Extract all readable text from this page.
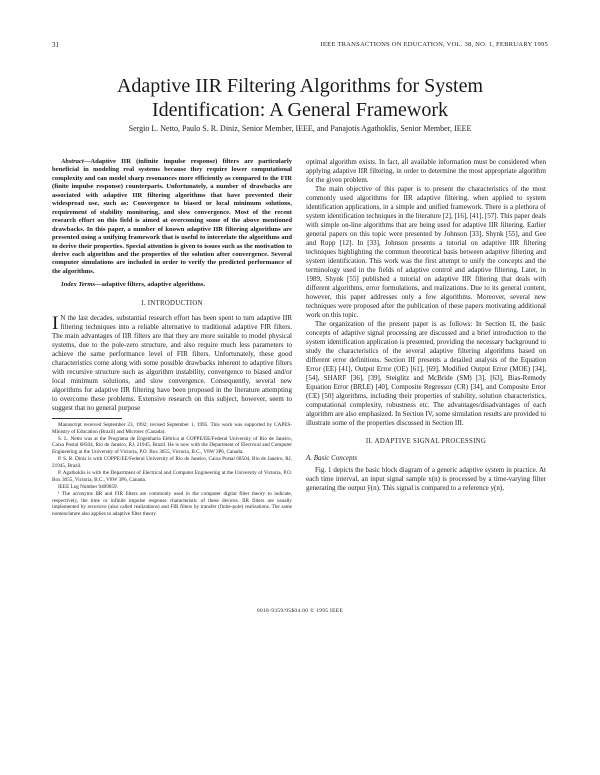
31	IEEE TRANSACTIONS ON EDUCATION, VOL. 38, NO. 1, FEBRUARY 1995
Adaptive IIR Filtering Algorithms for System Identification: A General Framework
Sergio L. Netto, Paulo S. R. Diniz, Senior Member, IEEE, and Panajotis Agathoklis, Senior Member, IEEE

Abstract—Adaptive IIR (infinite impulse response) filters are particularly beneficial in modeling real systems because they require lower computational complexity and can model sharp resonances more efficiently as compared to the FIR (finite impulse response) counterparts. Unfortunately, a number of drawbacks are associated with adaptive IIR filtering algorithms that have prevented their widespread use, such as: Convergence to biased or local minimum solutions, requirement of stability monitoring, and slow convergence. Most of the recent research effort on this field is aimed at overcoming some of the above mentioned drawbacks. In this paper, a number of known adaptive IIR filtering algorithms are presented using a unifying framework that is useful to interrelate the algorithms and to derive their properties. Special attention is given to issues such as the motivation to derive each algorithm and the properties of the solution after convergence. Several computer simulations are included in order to verify the predicted performance of the algorithms.

Index Terms—adaptive filters, adaptive algorithms.

I. INTRODUCTION

I N the last decades, substantial research effort has been spent to turn adaptive IIR filtering techniques into a reliable alternative to traditional adaptive FIR filters. The main advantages of IIR filters are that they are more suitable to model physical systems, due to the pole-zero structure, and also require much less parameters to achieve the same performance level of FIR filters. Unfortunately, these good characteristics come along with some possible drawbacks inherent to adaptive filters with recursive structure such as algorithm instability, convergence to biased and/or local minimum solutions, and slow convergence. Consequently, several new algorithms for adaptive IIR filtering have been proposed in the literature attempting to overcome these problems. Extensive research on this subject, however, seem to suggest that no general purpose

Manuscript received September 23, 1992; revised September 1, 1995. This work was supported by CAPES-Ministry of Education (Brazil) and Microtec (Canada).

S. L. Netto was at the Programa de Engenharia Elétrica at COPPE/EE/Federal University of Rio de Janeiro, Caixa Postal 68504, Rio de Janeiro, RJ, 21945, Brazil. He is now with the Department of Electrical and Computer Engineering at the University of Victoria, P.O. Box 3055, Victoria, B.C., V8W 3P6, Canada.

P. S. R. Diniz is with COPPE/EE/Federal University of Rio de Janeiro, Caixa Postal 68504, Rio de Janeiro, RJ, 21945, Brazil.

P. Agathoklis is with the Department of Electrical and Computer Engineering at the University of Victoria, P.O. Box 3055, Victoria, B.C., V8W 3P6, Canada.

IEEE Log Number 9409859.

¹ The acronyms IIR and FIR filters are commonly used in the computer digital filter theory to indicate, respectively, the time or infinite impulse response characteristic of these devices. IIR filters are usually implemented by recursive (also called realizations) and FIR filters by transfer (finite-pole) realizations. The same nomenclature also applies to adaptive filter theory.

optimal algorithm exists. In fact, all available information must be considered when applying adaptive IIR filtering, in order to determine the most appropriate algorithm for the given problem.

The main objective of this paper is to present the characteristics of the most commonly used algorithms for IIR adaptive filtering, when applied to system identification applications, in a simple and unified framework. There is a plethora of system identification techniques in the literature [2], [16], [41], [57]. This paper deals with simple on-line algorithms that are being used for adaptive IIR filtering. Earlier general papers on this topic were presented by Johnson [33], Shynk [55], and Gee and Rupp [12]. In [33], Johnson presents a tutorial on adaptive IIR filtering techniques highlighting the common theoretical basis between adaptive filtering and system identification. This work was the first attempt to unify the concepts and the terminology used in the fields of adaptive control and adaptive filtering. Later, in 1989, Shynk [55] published a tutorial on adaptive IIR filtering that deals with different algorithms, error formulations, and realizations. Due to its general content, however, this paper addresses only a few algorithms. Moreover, several new techniques were proposed after the publication of these papers motivating additional work on this topic.

The organization of the present paper is as follows: In Section II, the basic concepts of adaptive signal processing are discussed and a brief introduction to the system identification application is presented, providing the necessary background to study the characteristics of the several adaptive filtering algorithms based on different error definitions. Section III presents a detailed analysis of the Equation Error (EE) [41], Output Error (OE) [61], [69], Modified Output Error (MOE) [34], [54], SHARF [36], [39], Steiglitz and McBride (SM) [3], [63], Bias-Remedy Equation Error (BRLE) [40], Composite Regressor (CR) [34], and Composite Error (CE) [50] algorithms, including their properties of stability, solution characteristics, computational complexity, robustness etc. The advantages/disadvantages of each algorithm are also emphasized. In Section IV, some simulation results are provided to illustrate some of the properties discussed in Section III.

II. ADAPTIVE SIGNAL PROCESSING
A. Basic Concepts

Fig. 1 depicts the basic block diagram of a generic adaptive system in practice. At each time interval, an input signal sample x(n) is processed by a time-varying filter generating the output ŷ(n). This signal is compared to a reference y(n),

0018-9359/95$04.00 © 1995 IEEE
